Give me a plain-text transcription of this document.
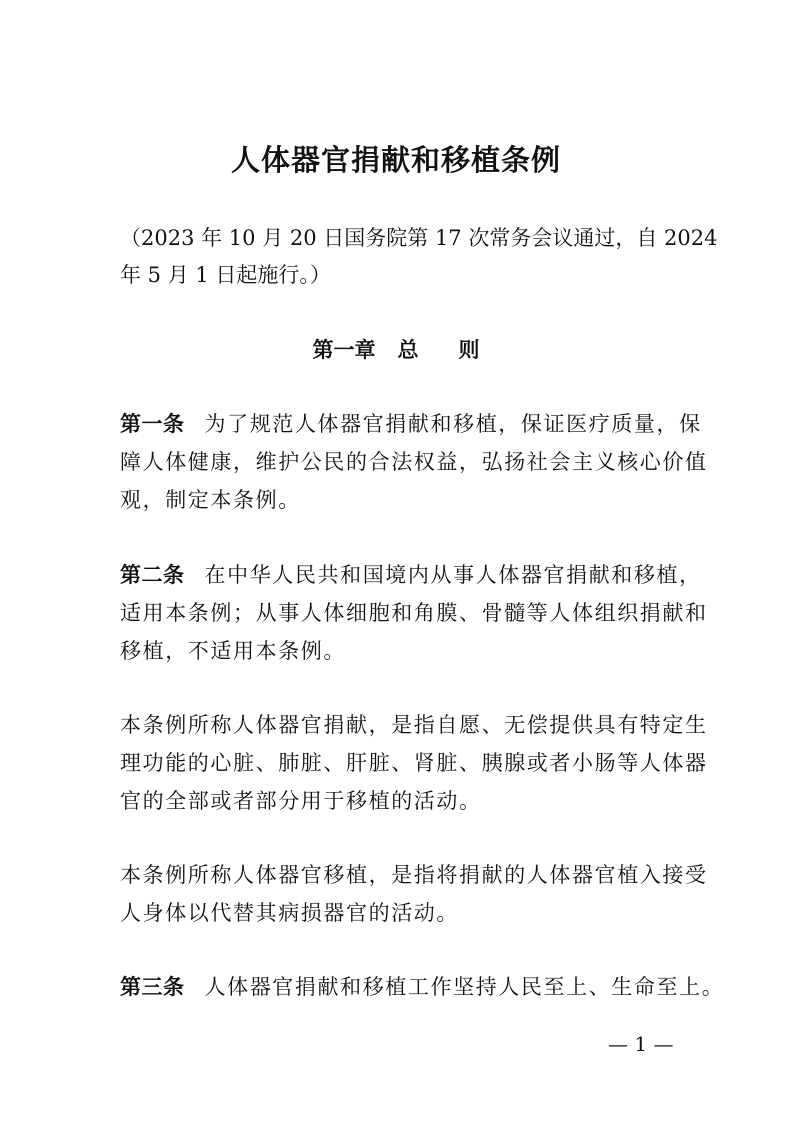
人体器官捐献和移植条例
（2023 年 10 月 20 日国务院第 17 次常务会议通过，自 2024
年 5 月 1 日起施行。）
第一章 总 则
第一条 为了规范人体器官捐献和移植，保证医疗质量，保
障人体健康，维护公民的合法权益，弘扬社会主义核心价值
观，制定本条例。
第二条 在中华人民共和国境内从事人体器官捐献和移植，
适用本条例；从事人体细胞和角膜、骨髓等人体组织捐献和
移植，不适用本条例。
本条例所称人体器官捐献，是指自愿、无偿提供具有特定生
理功能的心脏、肺脏、肝脏、肾脏、胰腺或者小肠等人体器
官的全部或者部分用于移植的活动。
本条例所称人体器官移植，是指将捐献的人体器官植入接受
人身体以代替其病损器官的活动。
第三条 人体器官捐献和移植工作坚持人民至上、生命至上。
— 1 —
